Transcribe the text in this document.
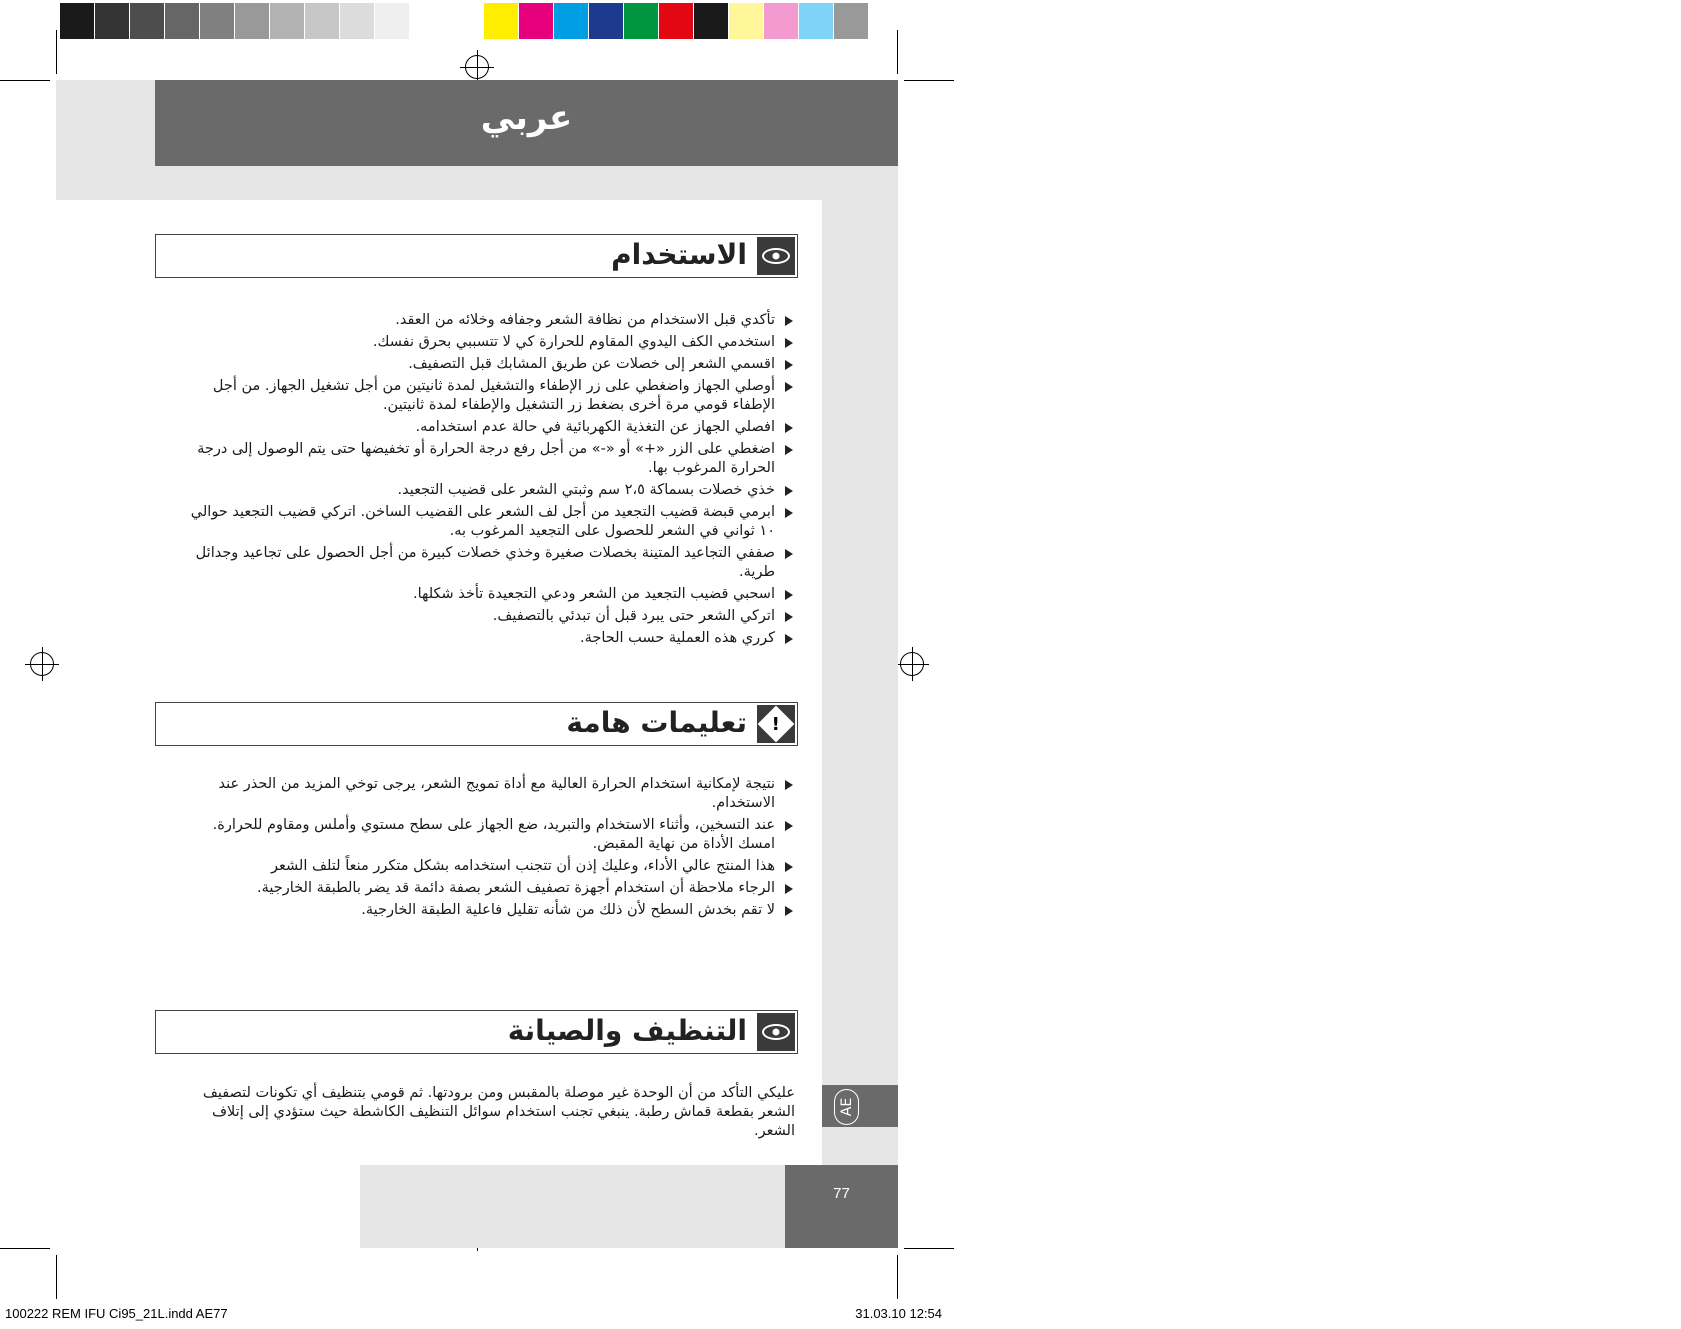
عربي
GB
D
NL
F
E
I
DK
S
FIN
P
SK
CZ
PL
HUN
RU
TR
RO
GR
SL
HR/SRB
AE
الاستخدام
تأكدي قبل الاستخدام من نظافة الشعر وجفافه وخلائه من العقد.
استخدمي الكف اليدوي المقاوم للحرارة كي لا تتسببي بحرق نفسك.
اقسمي الشعر إلى خصلات عن طريق المشابك قبل التصفيف.
أوصلي الجهاز واضغطي على زر الإطفاء والتشغيل لمدة ثانيتين من أجل تشغيل الجهاز. من أجل الإطفاء قومي مرة أخرى بضغط زر التشغيل والإطفاء لمدة ثانيتين.
افصلي الجهاز عن التغذية الكهربائية في حالة عدم استخدامه.
اضغطي على الزر «+» أو «-» من أجل رفع درجة الحرارة أو تخفيضها حتى يتم الوصول إلى درجة الحرارة المرغوب بها.
خذي خصلات بسماكة ٢،٥ سم وثبتي الشعر على قضيب التجعيد.
ابرمي قبضة قضيب التجعيد من أجل لف الشعر على القضيب الساخن. اتركي قضيب التجعيد حوالي ١٠ ثواني في الشعر للحصول على التجعيد المرغوب به.
صففي التجاعيد المتينة بخصلات صغيرة وخذي خصلات كبيرة من أجل الحصول على تجاعيد وجدائل طرية.
اسحبي قضيب التجعيد من الشعر ودعي التجعيدة تأخذ شكلها.
اتركي الشعر حتى يبرد قبل أن تبدئي بالتصفيف.
كرري هذه العملية حسب الحاجة.
!
تعليمات هامة
نتيجة لإمكانية استخدام الحرارة العالية مع أداة تمويج الشعر، يرجى توخي المزيد من الحذر عند الاستخدام.
عند التسخين، وأثناء الاستخدام والتبريد، ضع الجهاز على سطح مستوي وأملس ومقاوم للحرارة. امسك الأداة من نهاية المقبض.
هذا المنتج عالي الأداء، وعليك إذن أن تتجنب استخدامه بشكل متكرر منعاً لتلف الشعر
الرجاء ملاحظة أن استخدام أجهزة تصفيف الشعر بصفة دائمة قد يضر بالطبقة الخارجية.
لا تقم بخدش السطح لأن ذلك من شأنه تقليل فاعلية الطبقة الخارجية.
التنظيف والصيانة
عليكي التأكد من أن الوحدة غير موصلة بالمقبس ومن برودتها. ثم قومي بتنظيف أي تكونات لتصفيف الشعر بقطعة قماش رطبة. ينبغي تجنب استخدام سوائل التنظيف الكاشطة حيث ستؤدي إلى إتلاف الشعر.
77
100222 REM IFU Ci95_21L.indd AE77	31.03.10 12:54
